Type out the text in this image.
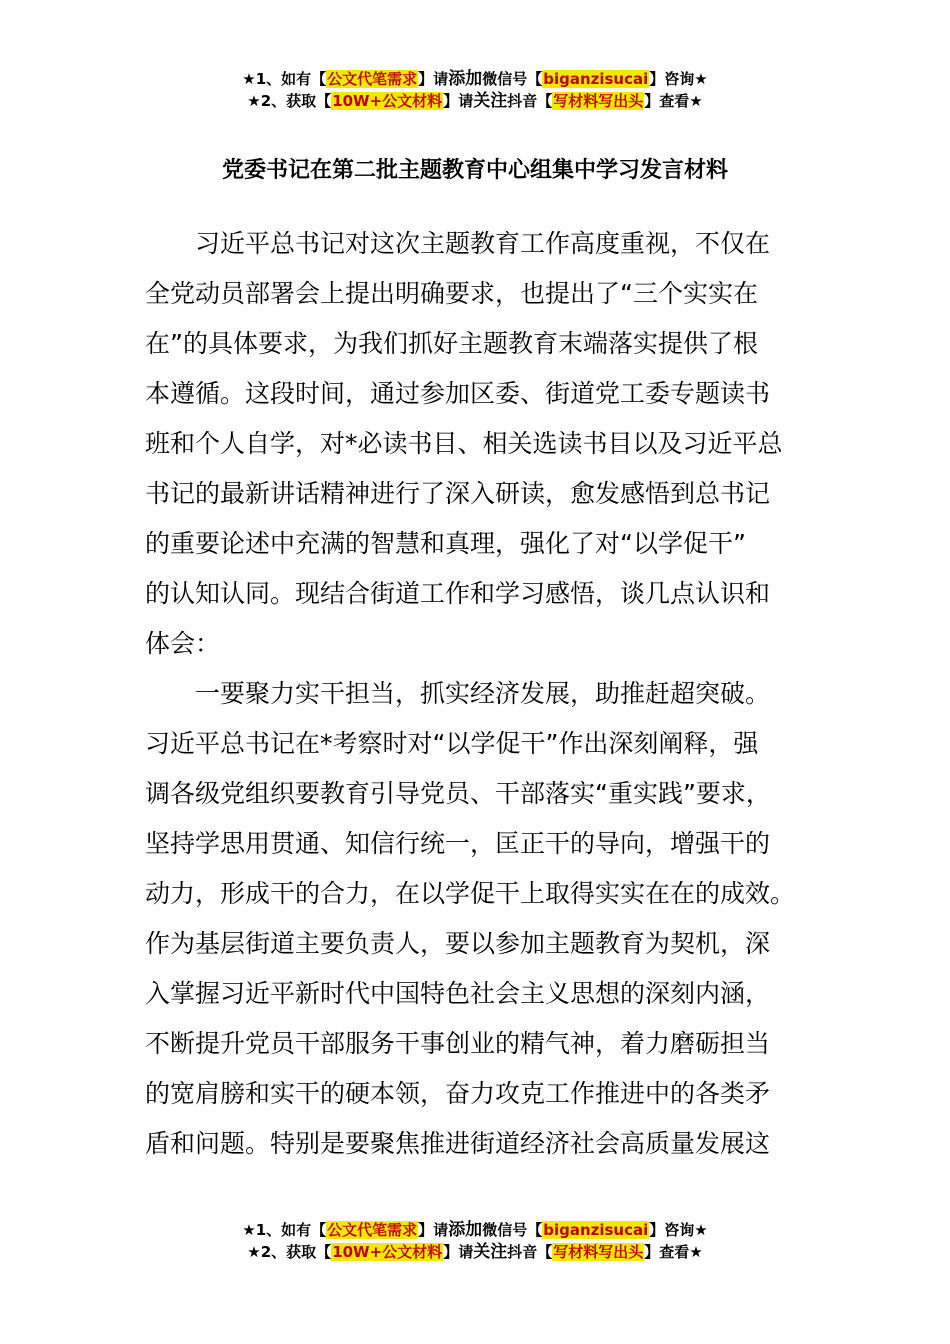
★1、如有【公文代笔需求】请添加微信号【biganzisucai】咨询★
★2、获取【10W+公文材料】请关注抖音【写材料写出头】查看★
党委书记在第二批主题教育中心组集中学习发言材料
习近平总书记对这次主题教育工作高度重视，不仅在
全党动员部署会上提出明确要求，也提出了“三个实实在
在”的具体要求，为我们抓好主题教育末端落实提供了根
本遵循。这段时间，通过参加区委、街道党工委专题读书
班和个人自学，对*必读书目、相关选读书目以及习近平总
书记的最新讲话精神进行了深入研读，愈发感悟到总书记
的重要论述中充满的智慧和真理，强化了对“以学促干”
的认知认同。现结合街道工作和学习感悟，谈几点认识和
体会：
一要聚力实干担当，抓实经济发展，助推赶超突破。
习近平总书记在*考察时对“以学促干”作出深刻阐释，强
调各级党组织要教育引导党员、干部落实“重实践”要求，
坚持学思用贯通、知信行统一，匡正干的导向，增强干的
动力，形成干的合力，在以学促干上取得实实在在的成效。
作为基层街道主要负责人，要以参加主题教育为契机，深
入掌握习近平新时代中国特色社会主义思想的深刻内涵，
不断提升党员干部服务干事创业的精气神，着力磨砺担当
的宽肩膀和实干的硬本领，奋力攻克工作推进中的各类矛
盾和问题。特别是要聚焦推进街道经济社会高质量发展这
★1、如有【公文代笔需求】请添加微信号【biganzisucai】咨询★
★2、获取【10W+公文材料】请关注抖音【写材料写出头】查看★
